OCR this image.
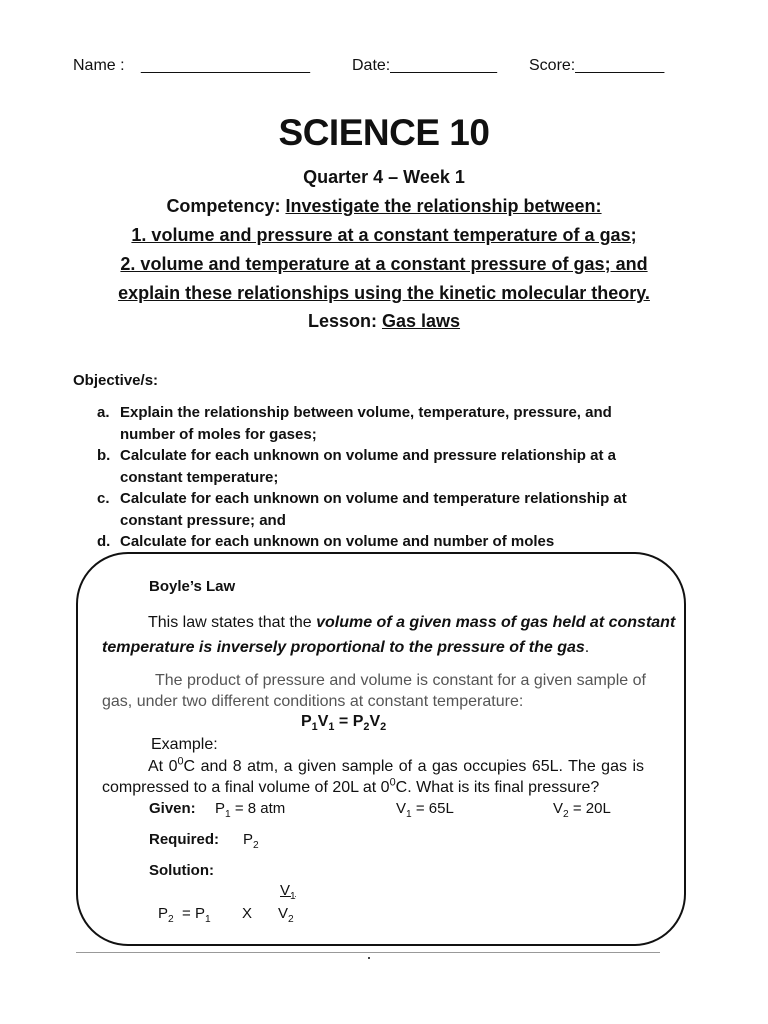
Name : ___________________	Date:____________ Score:__________
SCIENCE 10
Quarter 4 – Week 1
Competency: Investigate the relationship between:
1. volume and pressure at a constant temperature of a gas;
2. volume and temperature at a constant pressure of gas; and
explain these relationships using the kinetic molecular theory.
Lesson: Gas laws
Objective/s:
a. Explain the relationship between volume, temperature, pressure, and
number of moles for gases;
b. Calculate for each unknown on volume and pressure relationship at a
constant temperature;
c. Calculate for each unknown on volume and temperature relationship at
constant pressure; and
d. Calculate for each unknown on volume and number of moles
Boyle’s Law
This law states that the volume of a given mass of gas held at constant temperature is inversely proportional to the pressure of the gas.
The product of pressure and volume is constant for a given sample of gas, under two different conditions at constant temperature:
$P_1V_1 = P_2V_2$
Example:
At $0^0C$ and 8 atm, a given sample of a gas occupies 65L. The gas is compressed to a final volume of 20L at $0^0C$. What is its final pressure?
Given: $P_1 = 8$ atm	$V_1 = 65L$	$V_2 = 20L$
Required: $P_2$
Solution:
$V_1$
$P_2 = P_1$ X $V_2$
